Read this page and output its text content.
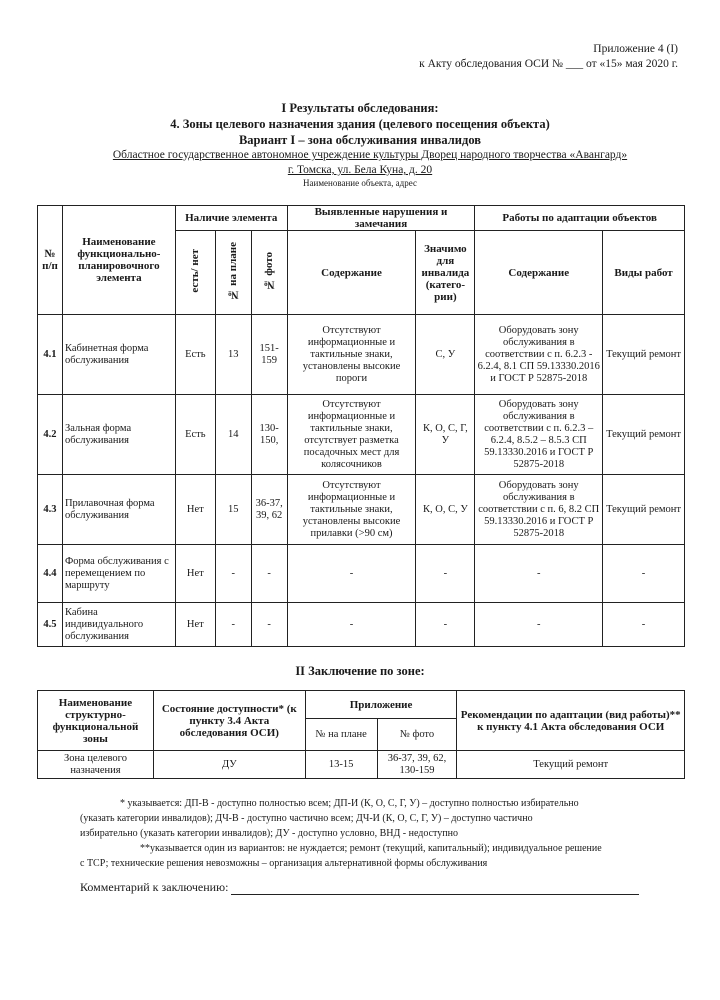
Приложение 4 (I)
к Акту обследования ОСИ № ___ от «15» мая 2020 г.
I Результаты обследования:
4. Зоны целевого назначения здания (целевого посещения объекта)
Вариант I – зона обслуживания инвалидов
Областное государственное автономное учреждение культуры Дворец народного творчества «Авангард»
г. Томска, ул. Бела Куна, д. 20
Наименование объекта, адрес
№ п/п	Наименование функционально-планировочного элемента	Наличие элемента			Выявленные нарушения и замечания		Работы по адаптации объектов	
		есть/ нет	№ на плане	№ фото	Содержание	Значимо для инвалида (катего-рии)	Содержание	Виды работ
4.1	Кабинетная форма обслуживания	Есть	13	151-159	Отсутствуют информационные и тактильные знаки, установлены высокие пороги	С, У	Оборудовать зону обслуживания в соответствии с п. 6.2.3 - 6.2.4, 8.1 СП 59.13330.2016 и ГОСТ Р 52875-2018	Текущий ремонт
4.2	Зальная форма обслуживания	Есть	14	130-150,	Отсутствуют информационные и тактильные знаки, отсутствует разметка посадочных мест для колясочников	К, О, С, Г, У	Оборудовать зону обслуживания в соответствии с п. 6.2.3 – 6.2.4, 8.5.2 – 8.5.3 СП 59.13330.2016 и ГОСТ Р 52875-2018	Текущий ремонт
4.3	Прилавочная форма обслуживания	Нет	15	36-37, 39, 62	Отсутствуют информационные и тактильные знаки, установлены высокие прилавки (>90 см)	К, О, С, У	Оборудовать зону обслуживания в соответствии с п. 6, 8.2 СП 59.13330.2016 и ГОСТ Р 52875-2018	Текущий ремонт
4.4	Форма обслуживания с перемещением по маршруту	Нет	-	-	-	-	-	-
4.5	Кабина индивидуального обслуживания	Нет	-	-	-	-	-	-
II Заключение по зоне:
Наименование структурно-функциональной зоны	Состояние доступности* (к пункту 3.4 Акта обследования ОСИ)	Приложение		Рекомендации по адаптации (вид работы)** к пункту 4.1 Акта обследования ОСИ
		№ на плане	№ фото	
Зона целевого назначения	ДУ	13-15	36-37, 39, 62, 130-159	Текущий ремонт

* указывается: ДП-В - доступно полностью всем; ДП-И (К, О, С, Г, У) – доступно полностью избирательно

(указать категории инвалидов); ДЧ-В - доступно частично всем; ДЧ-И (К, О, С, Г, У) – доступно частично

избирательно (указать категории инвалидов); ДУ - доступно условно, ВНД - недоступно

**указывается один из вариантов: не нуждается; ремонт (текущий, капитальный); индивидуальное решение

с ТСР; технические решения невозможны – организация альтернативной формы обслуживания

Комментарий к заключению:
